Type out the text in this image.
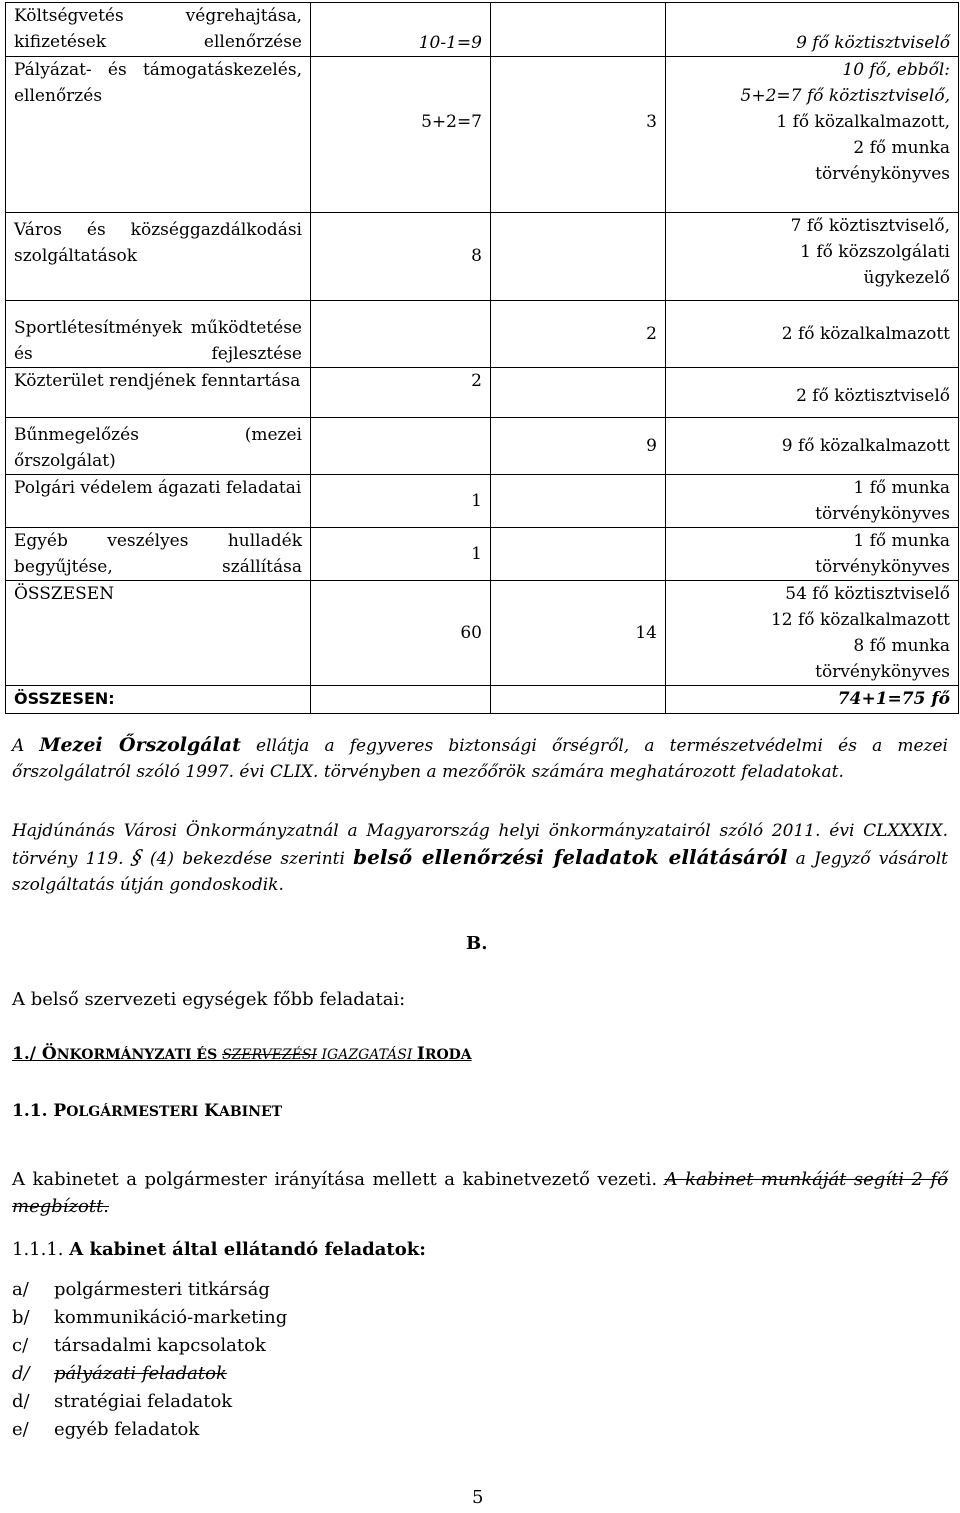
Költségvetés végrehajtása, kifizetések ellenőrzése	10-1=9		9 fő köztisztviselő

Pályázat- és támogatáskezelés, ellenőrzés	5+2=7	3	10 fő, ebből:
5+2=7 fő köztisztviselő,
1 fő közalkalmazott,
2 fő munka
törvénykönyves

Város és községgazdálkodási szolgáltatások	8		7 fő köztisztviselő,
1 fő közszolgálati
ügykezelő

Sportlétesítmények működtetése és fejlesztése		2	2 fő közalkalmazott
Közterület rendjének fenntartása	2		2 fő köztisztviselő
Bűnmegelőzés (mezei őrszolgálat)		9	9 fő közalkalmazott
Polgári védelem ágazati feladatai	1		1 fő munka
törvénykönyves

Egyéb veszélyes hulladék begyűjtése, szállítása	1		1 fő munka
törvénykönyves

ÖSSZESEN	60	14	54 fő köztisztviselő
12 fő közalkalmazott
8 fő munka
törvénykönyves

ÖSSZESEN:			74+1=75 fő
A Mezei Őrszolgálat ellátja a fegyveres biztonsági őrségről, a természetvédelmi és a mezei őrszolgálatról szóló 1997. évi CLIX. törvényben a mezőőrök számára meghatározott feladatokat.
Hajdúnánás Városi Önkormányzatnál a Magyarország helyi önkormányzatairól szóló 2011. évi CLXXXIX. törvény 119. § (4) bekezdése szerinti belső ellenőrzési feladatok ellátásáról a Jegyző vásárolt szolgáltatás útján gondoskodik.
B.
A belső szervezeti egységek főbb feladatai:
1./ ÖNKORMÁNYZATI ÉS SZERVEZÉSI IGAZGATÁSI IRODA
1.1. POLGÁRMESTERI KABINET
A kabinetet a polgármester irányítása mellett a kabinetvezető vezeti. A kabinet munkáját segíti 2 fő megbízott.
1.1.1. A kabinet által ellátandó feladatok:
a/ polgármesteri titkárság
b/ kommunikáció-marketing
c/ társadalmi kapcsolatok
d/ pályázati feladatok
d/ stratégiai feladatok
e/ egyéb feladatok
5
